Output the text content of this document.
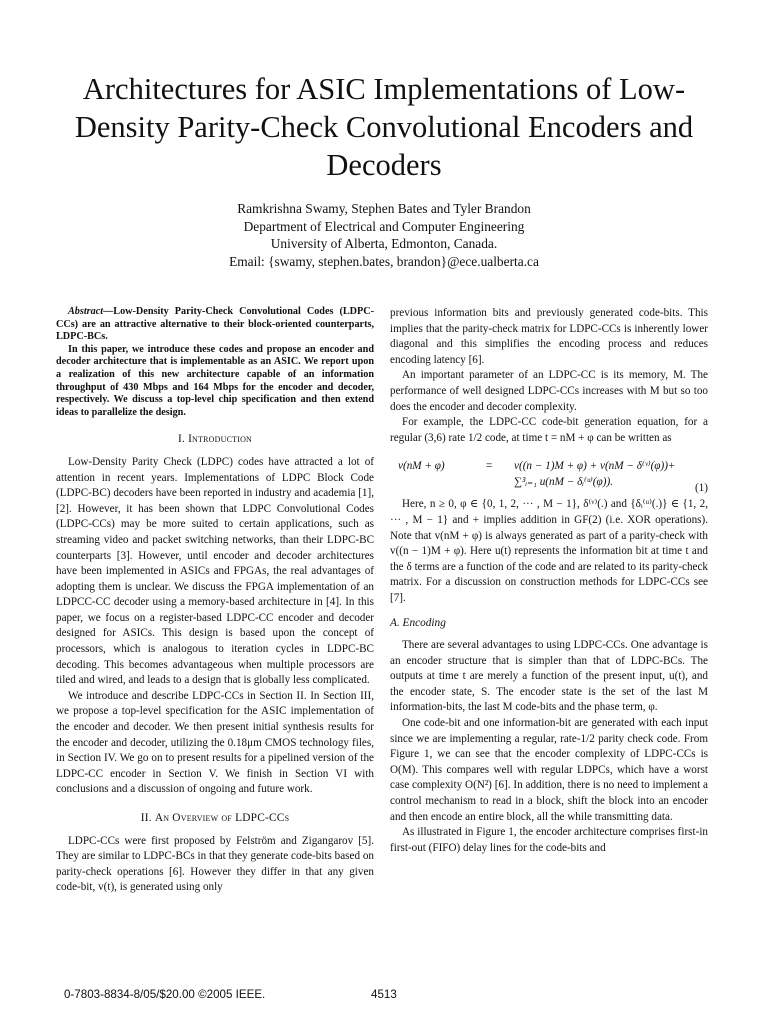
Architectures for ASIC Implementations of Low-Density Parity-Check Convolutional Encoders and Decoders
Ramkrishna Swamy, Stephen Bates and Tyler Brandon
Department of Electrical and Computer Engineering
University of Alberta, Edmonton, Canada.
Email: {swamy, stephen.bates, brandon}@ece.ualberta.ca

Abstract—Low-Density Parity-Check Convolutional Codes (LDPC-CCs) are an attractive alternative to their block-oriented counterparts, LDPC-BCs.

In this paper, we introduce these codes and propose an encoder and decoder architecture that is implementable as an ASIC. We report upon a realization of this new architecture capable of an information throughput of 430 Mbps and 164 Mbps for the encoder and decoder, respectively. We discuss a top-level chip specification and then extend ideas to parallelize the design.

I. Introduction

Low-Density Parity Check (LDPC) codes have attracted a lot of attention in recent years. Implementations of LDPC Block Code (LDPC-BC) decoders have been reported in industry and academia [1], [2]. However, it has been shown that LDPC Convolutional Codes (LDPC-CCs) may be more suited to certain applications, such as streaming video and packet switching networks, than their LDPC-BC counterparts [3]. However, until encoder and decoder architectures have been implemented in ASICs and FPGAs, the real advantages of adopting them is unclear. We discuss the FPGA implementation of an LDPCC-CC decoder using a memory-based architecture in [4]. In this paper, we focus on a register-based LDPC-CC encoder and decoder designed for ASICs. This design is based upon the concept of processors, which is analogous to iteration cycles in LDPC-BC decoding. This becomes advantageous when multiple processors are tiled and wired, and leads to a design that is globally less complicated.

We introduce and describe LDPC-CCs in Section II. In Section III, we propose a top-level specification for the ASIC implementation of the encoder and decoder. We then present initial synthesis results for the encoder and decoder, utilizing the 0.18μm CMOS technology files, in Section IV. We go on to present results for a pipelined version of the LDPC-CC encoder in Section V. We finish in Section VI with conclusions and a discussion of ongoing and future work.

II. An Overview of LDPC-CCs

LDPC-CCs were first proposed by Felström and Zigangarov [5]. They are similar to LDPC-BCs in that they generate code-bits based on parity-check operations [6]. However they differ in that any given code-bit, v(t), is generated using only

previous information bits and previously generated code-bits. This implies that the parity-check matrix for LDPC-CCs is inherently lower diagonal and this simplifies the encoding process and reduces encoding latency [6].

An important parameter of an LDPC-CC is its memory, M. The performance of well designed LDPC-CCs increases with M but so too does the encoder and decoder complexity.

For example, the LDPC-CC code-bit generation equation, for a regular (3,6) rate 1/2 code, at time t = nM + φ can be written as

v(nM + φ)	= v((n − 1)M + φ) + v(nM − δ⁽ᵛ⁾(φ))+
∑³ᵢ₌₁ u(nM − δᵢ⁽ᵘ⁾(φ)).	(1)

Here, n ≥ 0, φ ∈ {0, 1, 2, ··· , M − 1}, δ⁽ᵛ⁾(.) and {δᵢ⁽ᵘ⁾(.)} ∈ {1, 2, ··· , M − 1} and + implies addition in GF(2) (i.e. XOR operations). Note that v(nM + φ) is always generated as part of a parity-check with v((n − 1)M + φ). Here u(t) represents the information bit at time t and the δ terms are a function of the code and are related to its parity-check matrix. For a discussion on construction methods for LDPC-CCs see [7].

A. Encoding

There are several advantages to using LDPC-CCs. One advantage is an encoder structure that is simpler than that of LDPC-BCs. The outputs at time t are merely a function of the present input, u(t), and the encoder state, S. The encoder state is the set of the last M information-bits, the last M code-bits and the phase term, φ.

One code-bit and one information-bit are generated with each input since we are implementing a regular, rate-1/2 parity check code. From Figure 1, we can see that the encoder complexity of LDPC-CCs is O(M). This compares well with regular LDPCs, which have a worst case complexity O(N²) [6]. In addition, there is no need to implement a control mechanism to read in a block, shift the block into an encoder and then encode an entire block, all the while transmitting data.

As illustrated in Figure 1, the encoder architecture comprises first-in first-out (FIFO) delay lines for the code-bits and

0-7803-8834-8/05/$20.00 ©2005 IEEE.	4513
